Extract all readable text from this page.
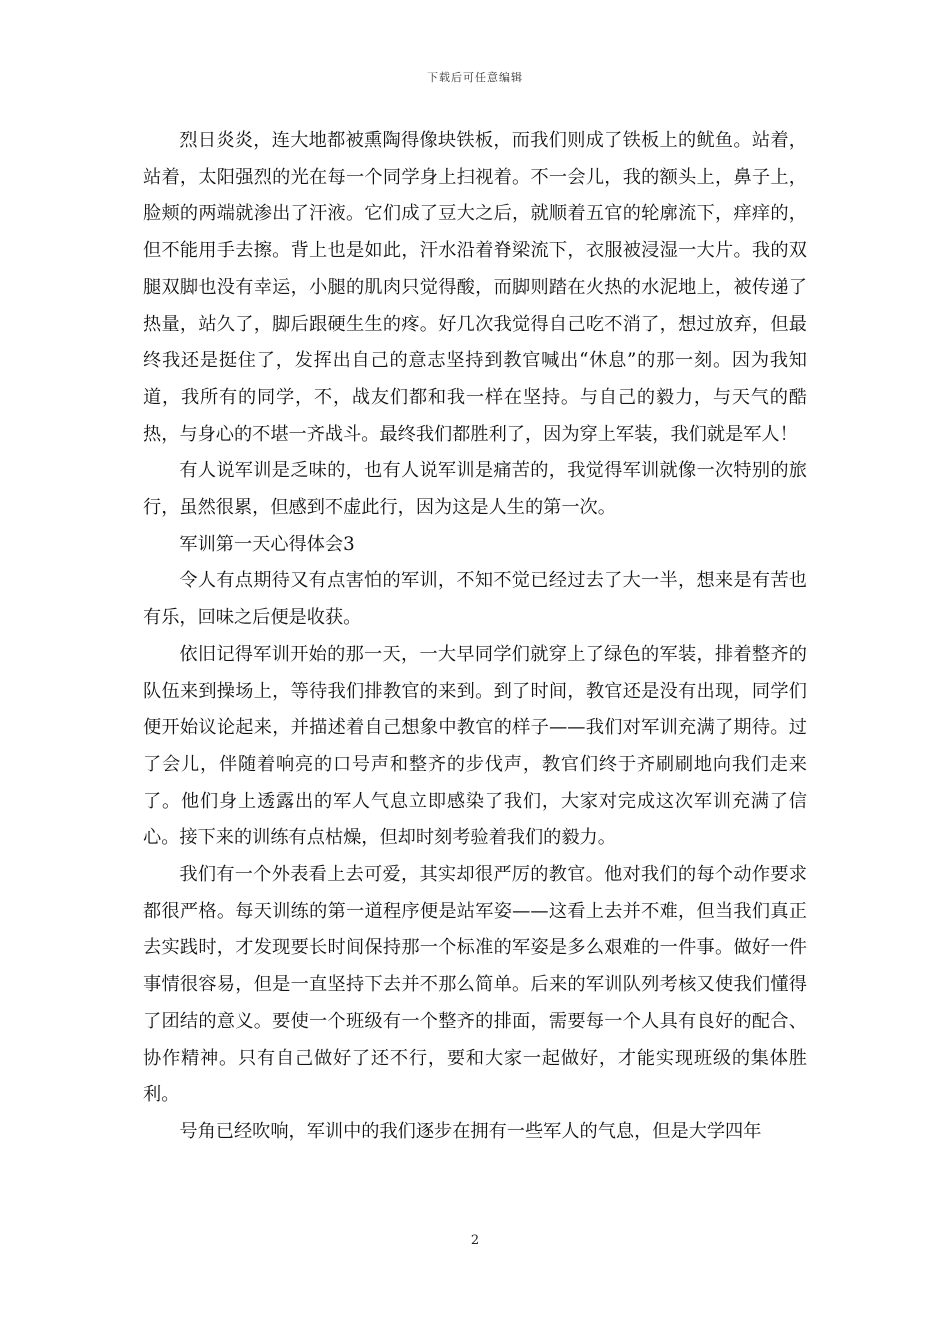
下载后可任意编辑

烈日炎炎，连大地都被熏陶得像块铁板，而我们则成了铁板上的鱿鱼。站着，站着，太阳强烈的光在每一个同学身上扫视着。不一会儿，我的额头上，鼻子上，脸颊的两端就渗出了汗液。它们成了豆大之后，就顺着五官的轮廓流下，痒痒的，但不能用手去擦。背上也是如此，汗水沿着脊梁流下，衣服被浸湿一大片。我的双腿双脚也没有幸运，小腿的肌肉只觉得酸，而脚则踏在火热的水泥地上，被传递了热量，站久了，脚后跟硬生生的疼。好几次我觉得自己吃不消了，想过放弃，但最终我还是挺住了，发挥出自己的意志坚持到教官喊出“休息”的那一刻。因为我知道，我所有的同学，不，战友们都和我一样在坚持。与自己的毅力，与天气的酷热，与身心的不堪一齐战斗。最终我们都胜利了，因为穿上军装，我们就是军人！

有人说军训是乏味的，也有人说军训是痛苦的，我觉得军训就像一次特别的旅行，虽然很累，但感到不虚此行，因为这是人生的第一次。

军训第一天心得体会3

令人有点期待又有点害怕的军训，不知不觉已经过去了大一半，想来是有苦也有乐，回味之后便是收获。

依旧记得军训开始的那一天，一大早同学们就穿上了绿色的军装，排着整齐的队伍来到操场上，等待我们排教官的来到。到了时间，教官还是没有出现，同学们便开始议论起来，并描述着自己想象中教官的样子——我们对军训充满了期待。过了会儿，伴随着响亮的口号声和整齐的步伐声，教官们终于齐刷刷地向我们走来了。他们身上透露出的军人气息立即感染了我们，大家对完成这次军训充满了信心。接下来的训练有点枯燥，但却时刻考验着我们的毅力。

我们有一个外表看上去可爱，其实却很严厉的教官。他对我们的每个动作要求都很严格。每天训练的第一道程序便是站军姿——这看上去并不难，但当我们真正去实践时，才发现要长时间保持那一个标准的军姿是多么艰难的一件事。做好一件事情很容易，但是一直坚持下去并不那么简单。后来的军训队列考核又使我们懂得了团结的意义。要使一个班级有一个整齐的排面，需要每一个人具有良好的配合、协作精神。只有自己做好了还不行，要和大家一起做好，才能实现班级的集体胜利。

号角已经吹响，军训中的我们逐步在拥有一些军人的气息，但是大学四年

2
